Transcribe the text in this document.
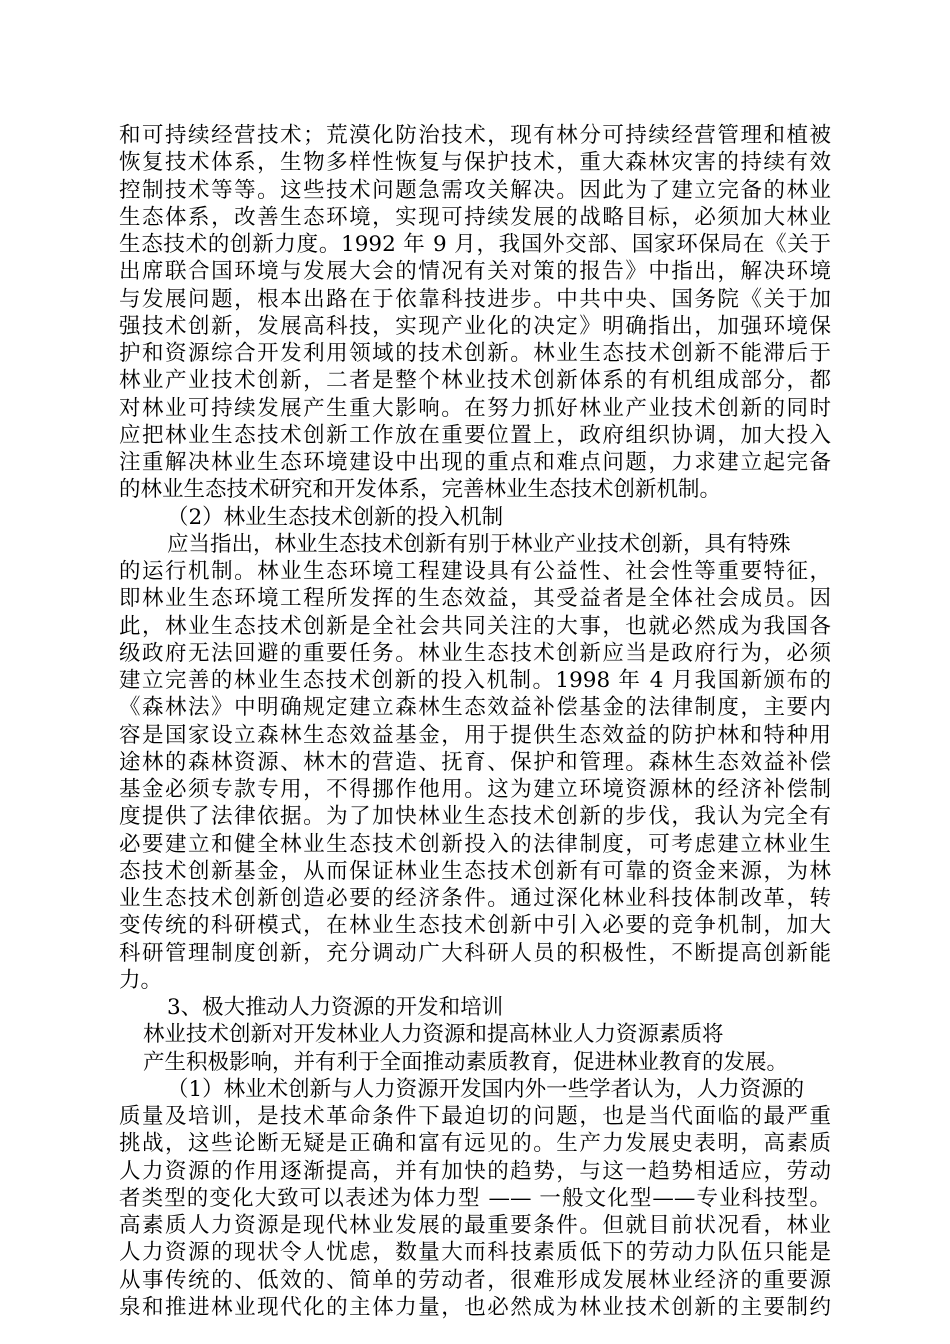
和可持续经营技术；荒漠化防治技术，现有林分可持续经营管理和植被
恢复技术体系，生物多样性恢复与保护技术，重大森林灾害的持续有效
控制技术等等。这些技术问题急需攻关解决。因此为了建立完备的林业
生态体系，改善生态环境，实现可持续发展的战略目标，必须加大林业
生态技术的创新力度。1992 年 9 月，我国外交部、国家环保局在《关于
出席联合国环境与发展大会的情况有关对策的报告》中指出，解决环境
与发展问题，根本出路在于依靠科技进步。中共中央、国务院《关于加
强技术创新，发展高科技，实现产业化的决定》明确指出，加强环境保
护和资源综合开发利用领域的技术创新。林业生态技术创新不能滞后于
林业产业技术创新，二者是整个林业技术创新体系的有机组成部分，都
对林业可持续发展产生重大影响。在努力抓好林业产业技术创新的同时
应把林业生态技术创新工作放在重要位置上，政府组织协调，加大投入
注重解决林业生态环境建设中出现的重点和难点问题，力求建立起完备
的林业生态技术研究和开发体系，完善林业生态技术创新机制。
（2）林业生态技术创新的投入机制
应当指出，林业生态技术创新有别于林业产业技术创新，具有特殊
的运行机制。林业生态环境工程建设具有公益性、社会性等重要特征，
即林业生态环境工程所发挥的生态效益，其受益者是全体社会成员。因
此，林业生态技术创新是全社会共同关注的大事，也就必然成为我国各
级政府无法回避的重要任务。林业生态技术创新应当是政府行为，必须
建立完善的林业生态技术创新的投入机制。1998 年 4 月我国新颁布的
《森林法》中明确规定建立森林生态效益补偿基金的法律制度，主要内
容是国家设立森林生态效益基金，用于提供生态效益的防护林和特种用
途林的森林资源、林木的营造、抚育、保护和管理。森林生态效益补偿
基金必须专款专用，不得挪作他用。这为建立环境资源林的经济补偿制
度提供了法律依据。为了加快林业生态技术创新的步伐，我认为完全有
必要建立和健全林业生态技术创新投入的法律制度，可考虑建立林业生
态技术创新基金，从而保证林业生态技术创新有可靠的资金来源，为林
业生态技术创新创造必要的经济条件。通过深化林业科技体制改革，转
变传统的科研模式，在林业生态技术创新中引入必要的竞争机制，加大
科研管理制度创新，充分调动广大科研人员的积极性，不断提高创新能
力。
3、极大推动人力资源的开发和培训
林业技术创新对开发林业人力资源和提高林业人力资源素质将
产生积极影响，并有利于全面推动素质教育，促进林业教育的发展。
（1）林业术创新与人力资源开发国内外一些学者认为，人力资源的
质量及培训，是技术革命条件下最迫切的问题，也是当代面临的最严重
挑战，这些论断无疑是正确和富有远见的。生产力发展史表明，高素质
人力资源的作用逐渐提高，并有加快的趋势，与这一趋势相适应，劳动
者类型的变化大致可以表述为体力型 —— 一般文化型——专业科技型。
高素质人力资源是现代林业发展的最重要条件。但就目前状况看，林业
人力资源的现状令人忧虑，数量大而科技素质低下的劳动力队伍只能是
从事传统的、低效的、简单的劳动者，很难形成发展林业经济的重要源
泉和推进林业现代化的主体力量，也必然成为林业技术创新的主要制约
